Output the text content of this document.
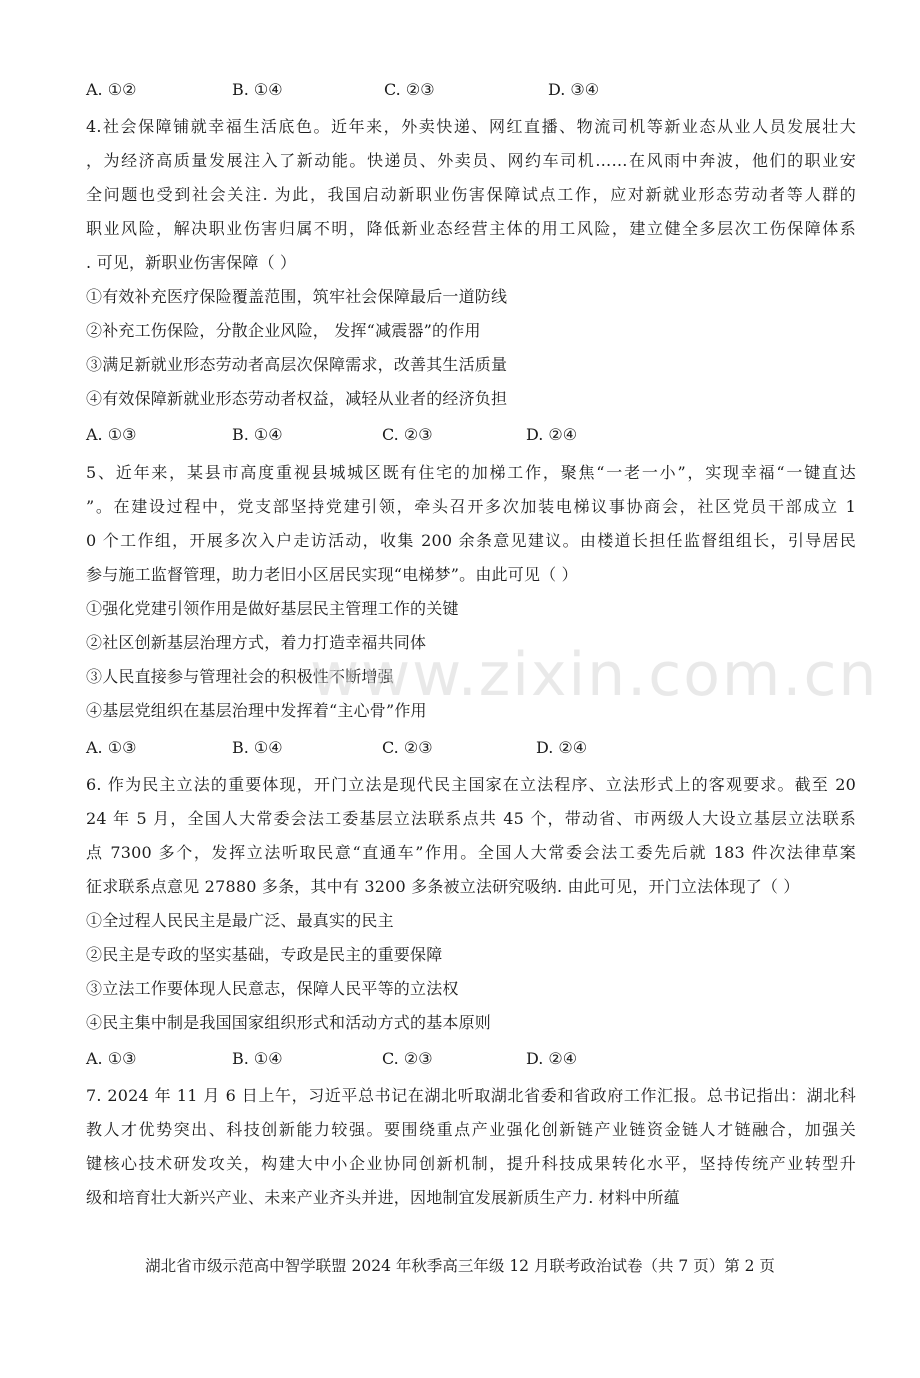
A. ①②	B. ①④	C. ②③	D. ③④
4.社会保障铺就幸福生活底色。近年来，外卖快递、网红直播、物流司机等新业态从业人员发展壮大
，为经济高质量发展注入了新动能。快递员、外卖员、网约车司机……在风雨中奔波，他们的职业安
全问题也受到社会关注. 为此，我国启动新职业伤害保障试点工作，应对新就业形态劳动者等人群的
职业风险，解决职业伤害归属不明，降低新业态经营主体的用工风险，建立健全多层次工伤保障体系
. 可见，新职业伤害保障（ ）
①有效补充医疗保险覆盖范围，筑牢社会保障最后一道防线
②补充工伤保险，分散企业风险， 发挥“减震器”的作用
③满足新就业形态劳动者高层次保障需求，改善其生活质量
④有效保障新就业形态劳动者权益，减轻从业者的经济负担
A. ①③	B. ①④	C. ②③	D. ②④
5、近年来，某县市高度重视县城城区既有住宅的加梯工作，聚焦“一老一小”，实现幸福“一键直达
”。在建设过程中，党支部坚持党建引领，牵头召开多次加装电梯议事协商会，社区党员干部成立 1
0 个工作组，开展多次入户走访活动，收集 200 余条意见建议。由楼道长担任监督组组长，引导居民
参与施工监督管理，助力老旧小区居民实现“电梯梦”。由此可见（ ）
①强化党建引领作用是做好基层民主管理工作的关键
②社区创新基层治理方式，着力打造幸福共同体
③人民直接参与管理社会的积极性不断增强
④基层党组织在基层治理中发挥着“主心骨”作用
A. ①③	B. ①④	C. ②③	D. ②④
www.zixin.com.cn
6. 作为民主立法的重要体现，开门立法是现代民主国家在立法程序、立法形式上的客观要求。截至 20
24 年 5 月，全国人大常委会法工委基层立法联系点共 45 个，带动省、市两级人大设立基层立法联系
点 7300 多个，发挥立法听取民意“直通车”作用。全国人大常委会法工委先后就 183 件次法律草案
征求联系点意见 27880 多条，其中有 3200 多条被立法研究吸纳. 由此可见，开门立法体现了（ ）
①全过程人民民主是最广泛、最真实的民主
②民主是专政的坚实基础，专政是民主的重要保障
③立法工作要体现人民意志，保障人民平等的立法权
④民主集中制是我国国家组织形式和活动方式的基本原则
A. ①③	B. ①④	C. ②③	D. ②④
7. 2024 年 11 月 6 日上午，习近平总书记在湖北听取湖北省委和省政府工作汇报。总书记指出：湖北科
教人才优势突出、科技创新能力较强。要围绕重点产业强化创新链产业链资金链人才链融合，加强关
键核心技术研发攻关，构建大中小企业协同创新机制，提升科技成果转化水平，坚持传统产业转型升
级和培育壮大新兴产业、未来产业齐头并进，因地制宜发展新质生产力. 材料中所蕴
湖北省市级示范高中智学联盟 2024 年秋季高三年级 12 月联考政治试卷（共 7 页）第 2 页
